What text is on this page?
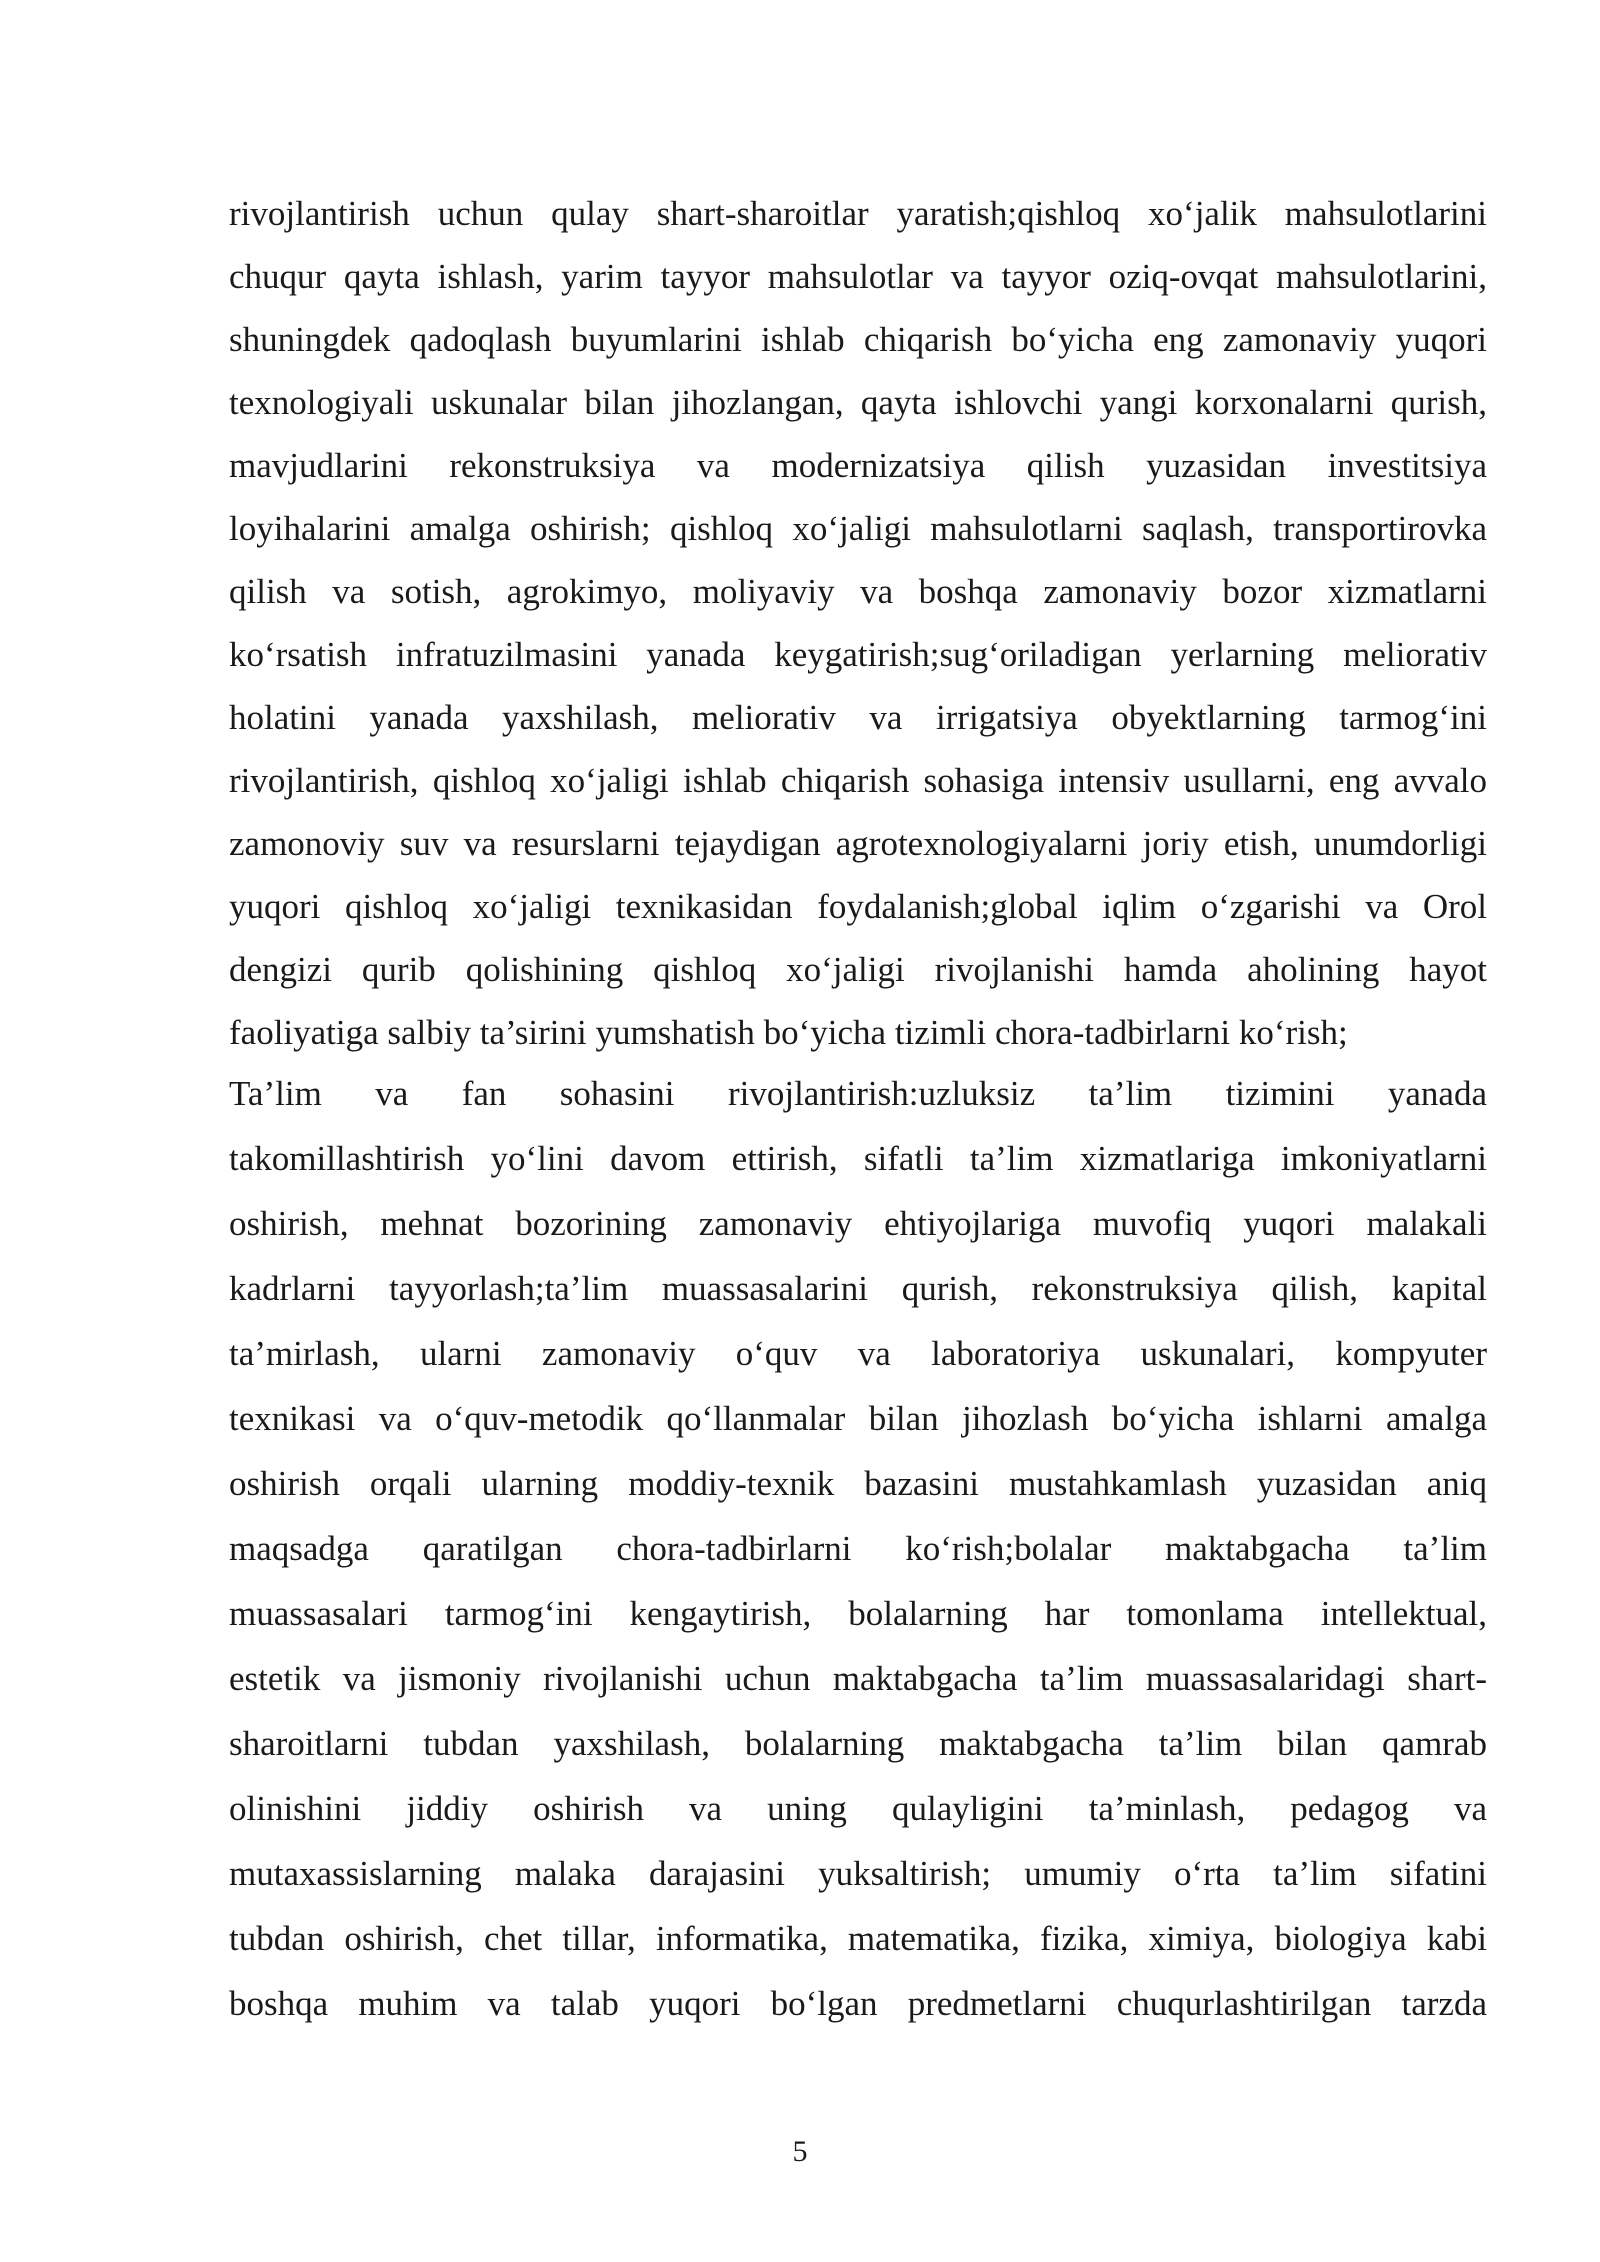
rivojlantirish uchun qulay shart-sharoitlar yaratish;qishloq xo‘jalik mahsulotlarini
chuqur qayta ishlash, yarim tayyor mahsulotlar va tayyor oziq-ovqat mahsulotlarini,
shuningdek qadoqlash buyumlarini ishlab chiqarish bo‘yicha eng zamonaviy yuqori
texnologiyali uskunalar bilan jihozlangan, qayta ishlovchi yangi korxonalarni qurish,
mavjudlarini rekonstruksiya va modernizatsiya qilish yuzasidan investitsiya
loyihalarini amalga oshirish; qishloq xo‘jaligi mahsulotlarni saqlash, transportirovka
qilish va sotish, agrokimyo, moliyaviy va boshqa zamonaviy bozor xizmatlarni
ko‘rsatish infratuzilmasini yanada keygatirish;sug‘oriladigan yerlarning meliorativ
holatini yanada yaxshilash, meliorativ va irrigatsiya obyektlarning tarmog‘ini
rivojlantirish, qishloq xo‘jaligi ishlab chiqarish sohasiga intensiv usullarni, eng avvalo
zamonoviy suv va resurslarni tejaydigan agrotexnologiyalarni joriy etish, unumdorligi
yuqori qishloq xo‘jaligi texnikasidan foydalanish;global iqlim o‘zgarishi va Orol
dengizi qurib qolishining qishloq xo‘jaligi rivojlanishi hamda aholining hayot
faoliyatiga salbiy ta’sirini yumshatish bo‘yicha tizimli chora-tadbirlarni ko‘rish;
Ta’lim va fan sohasini rivojlantirish:uzluksiz ta’lim tizimini yanada
takomillashtirish yo‘lini davom ettirish, sifatli ta’lim xizmatlariga imkoniyatlarni
oshirish, mehnat bozorining zamonaviy ehtiyojlariga muvofiq yuqori malakali
kadrlarni tayyorlash;ta’lim muassasalarini qurish, rekonstruksiya qilish, kapital
ta’mirlash, ularni zamonaviy o‘quv va laboratoriya uskunalari, kompyuter
texnikasi va o‘quv-metodik qo‘llanmalar bilan jihozlash bo‘yicha ishlarni amalga
oshirish orqali ularning moddiy-texnik bazasini mustahkamlash yuzasidan aniq
maqsadga qaratilgan chora-tadbirlarni ko‘rish;bolalar maktabgacha ta’lim
muassasalari tarmog‘ini kengaytirish, bolalarning har tomonlama intellektual,
estetik va jismoniy rivojlanishi uchun maktabgacha ta’lim muassasalaridagi shart-
sharoitlarni tubdan yaxshilash, bolalarning maktabgacha ta’lim bilan qamrab
olinishini jiddiy oshirish va uning qulayligini ta’minlash, pedagog va
mutaxassislarning malaka darajasini yuksaltirish; umumiy o‘rta ta’lim sifatini
tubdan oshirish, chet tillar, informatika, matematika, fizika, ximiya, biologiya kabi
boshqa muhim va talab yuqori bo‘lgan predmetlarni chuqurlashtirilgan tarzda
5
